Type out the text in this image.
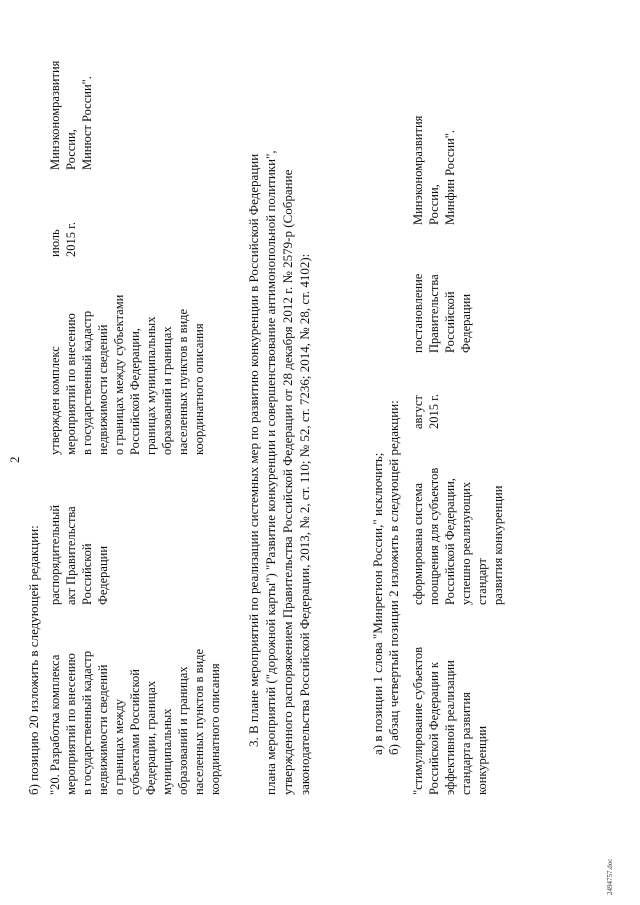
2
б) позицию 20 изложить в следующей редакции: "20. Разработка комплекса
мероприятий по внесению
в государственный кадастр
недвижимости сведений
о границах между
субъектами Российской
Федерации, границах
муниципальных
образований и границах
населенных пунктов в виде
координатного описания
распорядительный
акт Правительства
Российской
Федерации
утвержден комплекс
мероприятий по внесению
в государственный кадастр
недвижимости сведений
о границах между субъектами
Российской Федерации,
границах муниципальных
образований и границах
населенных пунктов в виде
координатного описания
июль
2015 г.
Минэкономразвития
России,
Минюст России".
3. В плане мероприятий по реализации системных мер по развитию конкуренции в Российской Федерации плана мероприятий ("дорожной карты") "Развитие конкуренции и совершенствование антимонопольной политики", утвержденного распоряжением Правительства Российской Федерации от 28 декабря 2012 г. № 2579-р (Собрание законодательства Российской Федерации, 2013, № 2, ст. 110; № 52, ст. 7236; 2014, № 28, ст. 4102):	а) в позиции 1 слова "Минрегион России," исключить; б) абзац четвертый позиции 2 изложить в следующей редакции: "стимулирование субъектов
Российской Федерации к
эффективной реализации
стандарта развития
конкуренции
сформирована система
поощрения для субъектов
Российской Федерации,
успешно реализующих стандарт
развития конкуренции
август
2015 г.
постановление
Правительства
Российской
Федерации
Минэкономразвития
России,
Минфин России".
2494757.doc
